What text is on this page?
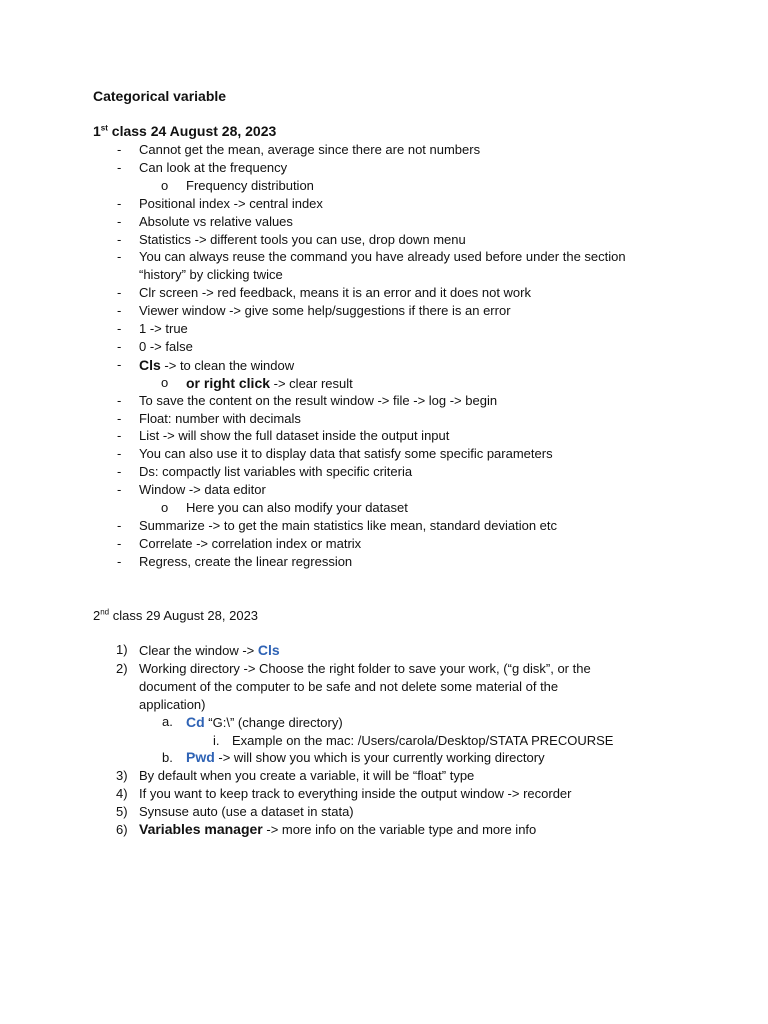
Categorical variable
1st class 24 August 28, 2023
- Cannot get the mean, average since there are not numbers
- Can look at the frequency
o Frequency distribution
- Positional index -> central index
- Absolute vs relative values
- Statistics -> different tools you can use, drop down menu
- You can always reuse the command you have already used before under the section
“history” by clicking twice
- Clr screen -> red feedback, means it is an error and it does not work
- Viewer window -> give some help/suggestions if there is an error
- 1 -> true
- 0 -> false
- Cls -> to clean the window
o or right click -> clear result
- To save the content on the result window -> file -> log -> begin
- Float: number with decimals
- List -> will show the full dataset inside the output input
- You can also use it to display data that satisfy some specific parameters
- Ds: compactly list variables with specific criteria
- Window -> data editor
o Here you can also modify your dataset
- Summarize -> to get the main statistics like mean, standard deviation etc
- Correlate -> correlation index or matrix
- Regress, create the linear regression
2nd class 29 August 28, 2023
1) Clear the window -> Cls
2) Working directory -> Choose the right folder to save your work, (“g disk”, or the
document of the computer to be safe and not delete some material of the
application)
a. Cd “G:\” (change directory)
i. Example on the mac: /Users/carola/Desktop/STATA PRECOURSE
b. Pwd -> will show you which is your currently working directory
3) By default when you create a variable, it will be “float” type
4) If you want to keep track to everything inside the output window -> recorder
5) Synsuse auto (use a dataset in stata)
6) Variables manager -> more info on the variable type and more info
